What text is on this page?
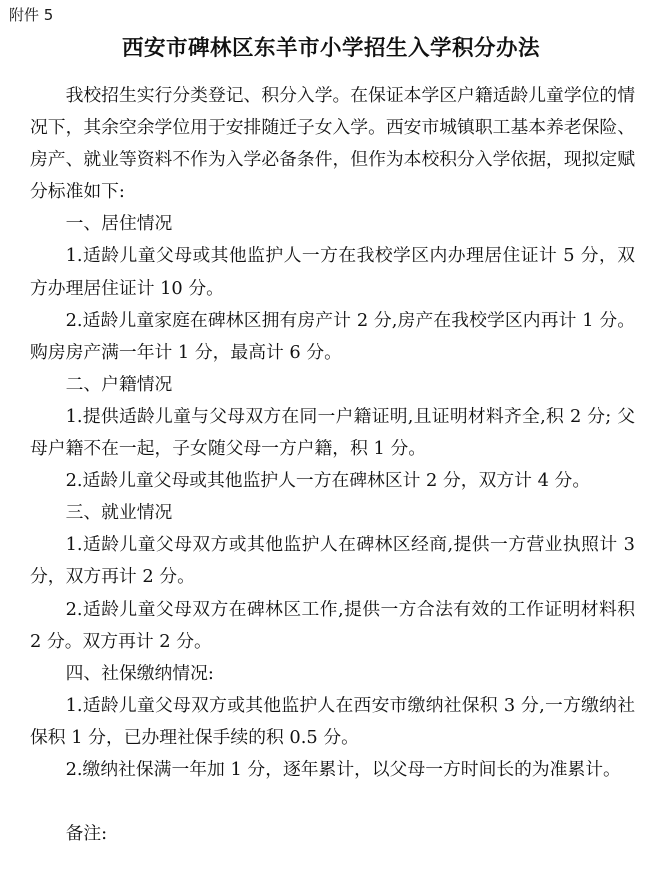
附件 5
西安市碑林区东羊市小学招生入学积分办法

我校招生实行分类登记、积分入学。在保证本学区户籍适龄儿童学位的情况下，其余空余学位用于安排随迁子女入学。西安市城镇职工基本养老保险、房产、就业等资料不作为入学必备条件，但作为本校积分入学依据，现拟定赋分标准如下:

一、居住情况

1.适龄儿童父母或其他监护人一方在我校学区内办理居住证计 5 分，双方办理居住证计 10 分。

2.适龄儿童家庭在碑林区拥有房产计 2 分,房产在我校学区内再计 1 分。购房房产满一年计 1 分，最高计 6 分。

二、户籍情况

1.提供适龄儿童与父母双方在同一户籍证明,且证明材料齐全,积 2 分; 父母户籍不在一起，子女随父母一方户籍，积 1 分。

2.适龄儿童父母或其他监护人一方在碑林区计 2 分，双方计 4 分。

三、就业情况

1.适龄儿童父母双方或其他监护人在碑林区经商,提供一方营业执照计 3 分，双方再计 2 分。

2.适龄儿童父母双方在碑林区工作,提供一方合法有效的工作证明材料积 2 分。双方再计 2 分。

四、社保缴纳情况:

1.适龄儿童父母双方或其他监护人在西安市缴纳社保积 3 分,一方缴纳社保积 1 分，已办理社保手续的积 0.5 分。

2.缴纳社保满一年加 1 分，逐年累计，以父母一方时间长的为准累计。

备注:
